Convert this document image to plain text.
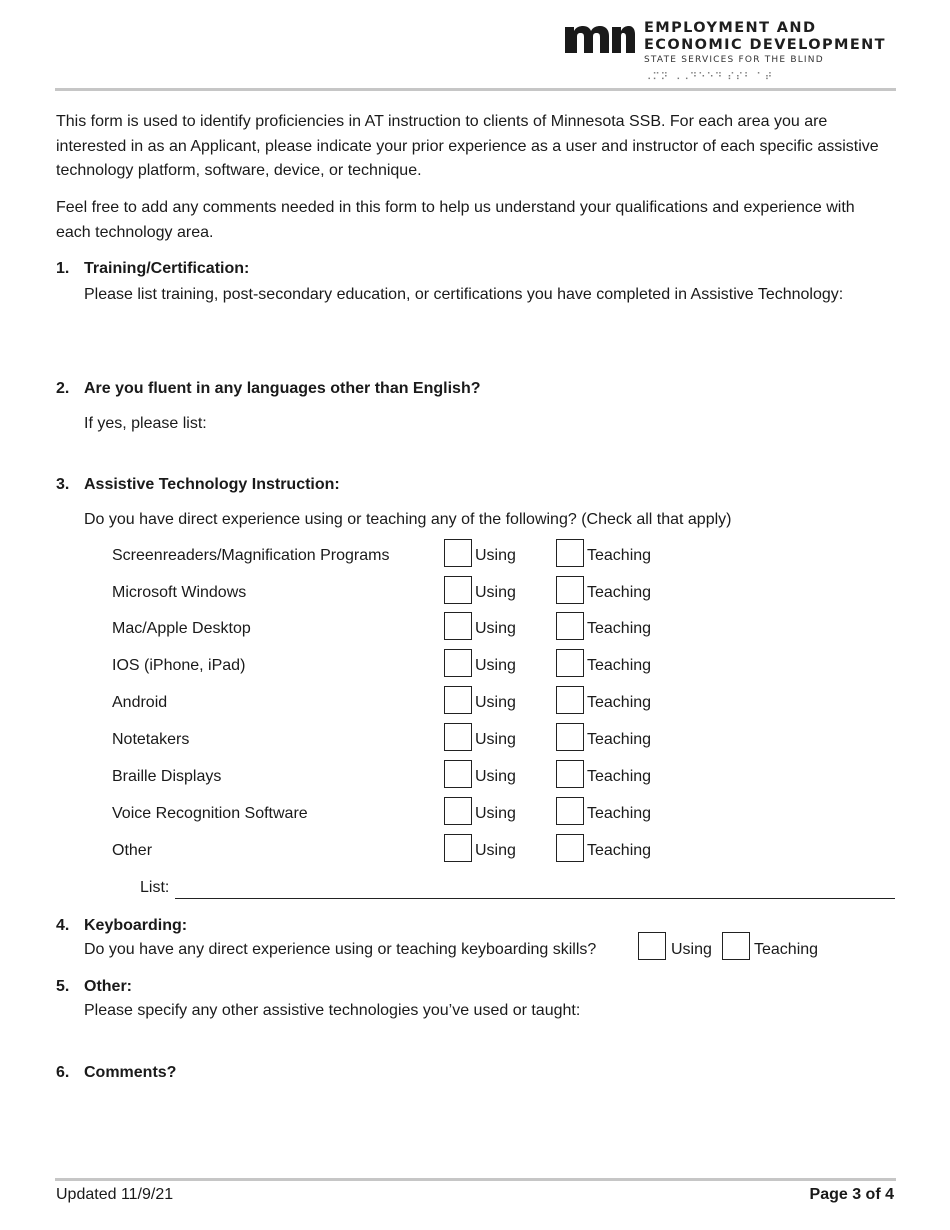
EMPLOYMENT AND
ECONOMIC DEVELOPMENT
STATE SERVICES FOR THE BLIND
⠠⠍⠝ ⠠⠠⠙⠑⠑⠙ ⠎⠎⠃ ⠁⠞
This form is used to identify proficiencies in AT instruction to clients of Minnesota SSB. For each area you are interested in as an Applicant, please indicate your prior experience as a user and instructor of each specific assistive technology platform, software, device, or technique.
Feel free to add any comments needed in this form to help us understand your qualifications and experience with each technology area.
1. Training/Certification:
Please list training, post-secondary education, or certifications you have completed in Assistive Technology:
2. Are you fluent in any languages other than English?
If yes, please list:
3. Assistive Technology Instruction:
Do you have direct experience using or teaching any of the following? (Check all that apply)
Screenreaders/Magnification Programs	Using	Teaching
Microsoft Windows	Using	Teaching
Mac/Apple Desktop	Using	Teaching
IOS (iPhone, iPad)	Using	Teaching
Android	Using	Teaching
Notetakers	Using	Teaching
Braille Displays	Using	Teaching
Voice Recognition Software	Using	Teaching
Other	Using	Teaching
List:
4. Keyboarding:
Do you have any direct experience using or teaching keyboarding skills?	Using	Teaching
5. Other:
Please specify any other assistive technologies you’ve used or taught:
6. Comments?
Updated 11/9/21	Page 3 of 4
